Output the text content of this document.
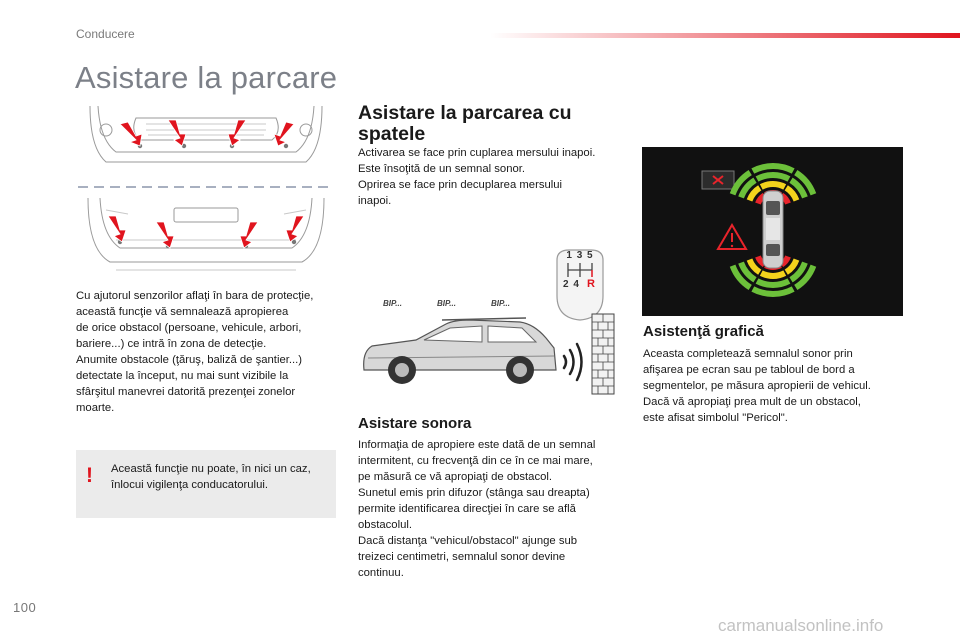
Conducere
Asistare la parcare
Cu ajutorul senzorilor aflaţi în bara de protecţie,
această funcţie vă semnalează apropierea
de orice obstacol (persoane, vehicule, arbori,
bariere...) ce intră în zona de detecţie.
Anumite obstacole (ţăruş, baliză de şantier...)
detectate la început, nu mai sunt vizibile la
sfârşitul manevrei datorită prezenţei zonelor
moarte.
! Această funcţie nu poate, în nici un caz,
înlocui vigilenţa conducatorului.
Asistare la parcarea cu spatele
Activarea se face prin cuplarea mersului inapoi.
Este însoţită de un semnal sonor.
Oprirea se face prin decuplarea mersului
inapoi.
1 3 5
2 4 R
BIP...	BIP...	BIP...
Asistare sonora
Informaţia de apropiere este dată de un semnal
intermitent, cu frecvenţă din ce în ce mai mare,
pe măsură ce vă apropiaţi de obstacol.
Sunetul emis prin difuzor (stânga sau dreapta)
permite identificarea direcţiei în care se află
obstacolul.
Dacă distanţa "vehicul/obstacol" ajunge sub
treizeci centimetri, semnalul sonor devine
continuu.
Asistenţă grafică
Aceasta completează semnalul sonor prin
afişarea pe ecran sau pe tabloul de bord a
segmentelor, pe măsura apropierii de vehicul.
Dacă vă apropiaţi prea mult de un obstacol,
este afisat simbolul "Pericol".
100
carmanualsonline.info
